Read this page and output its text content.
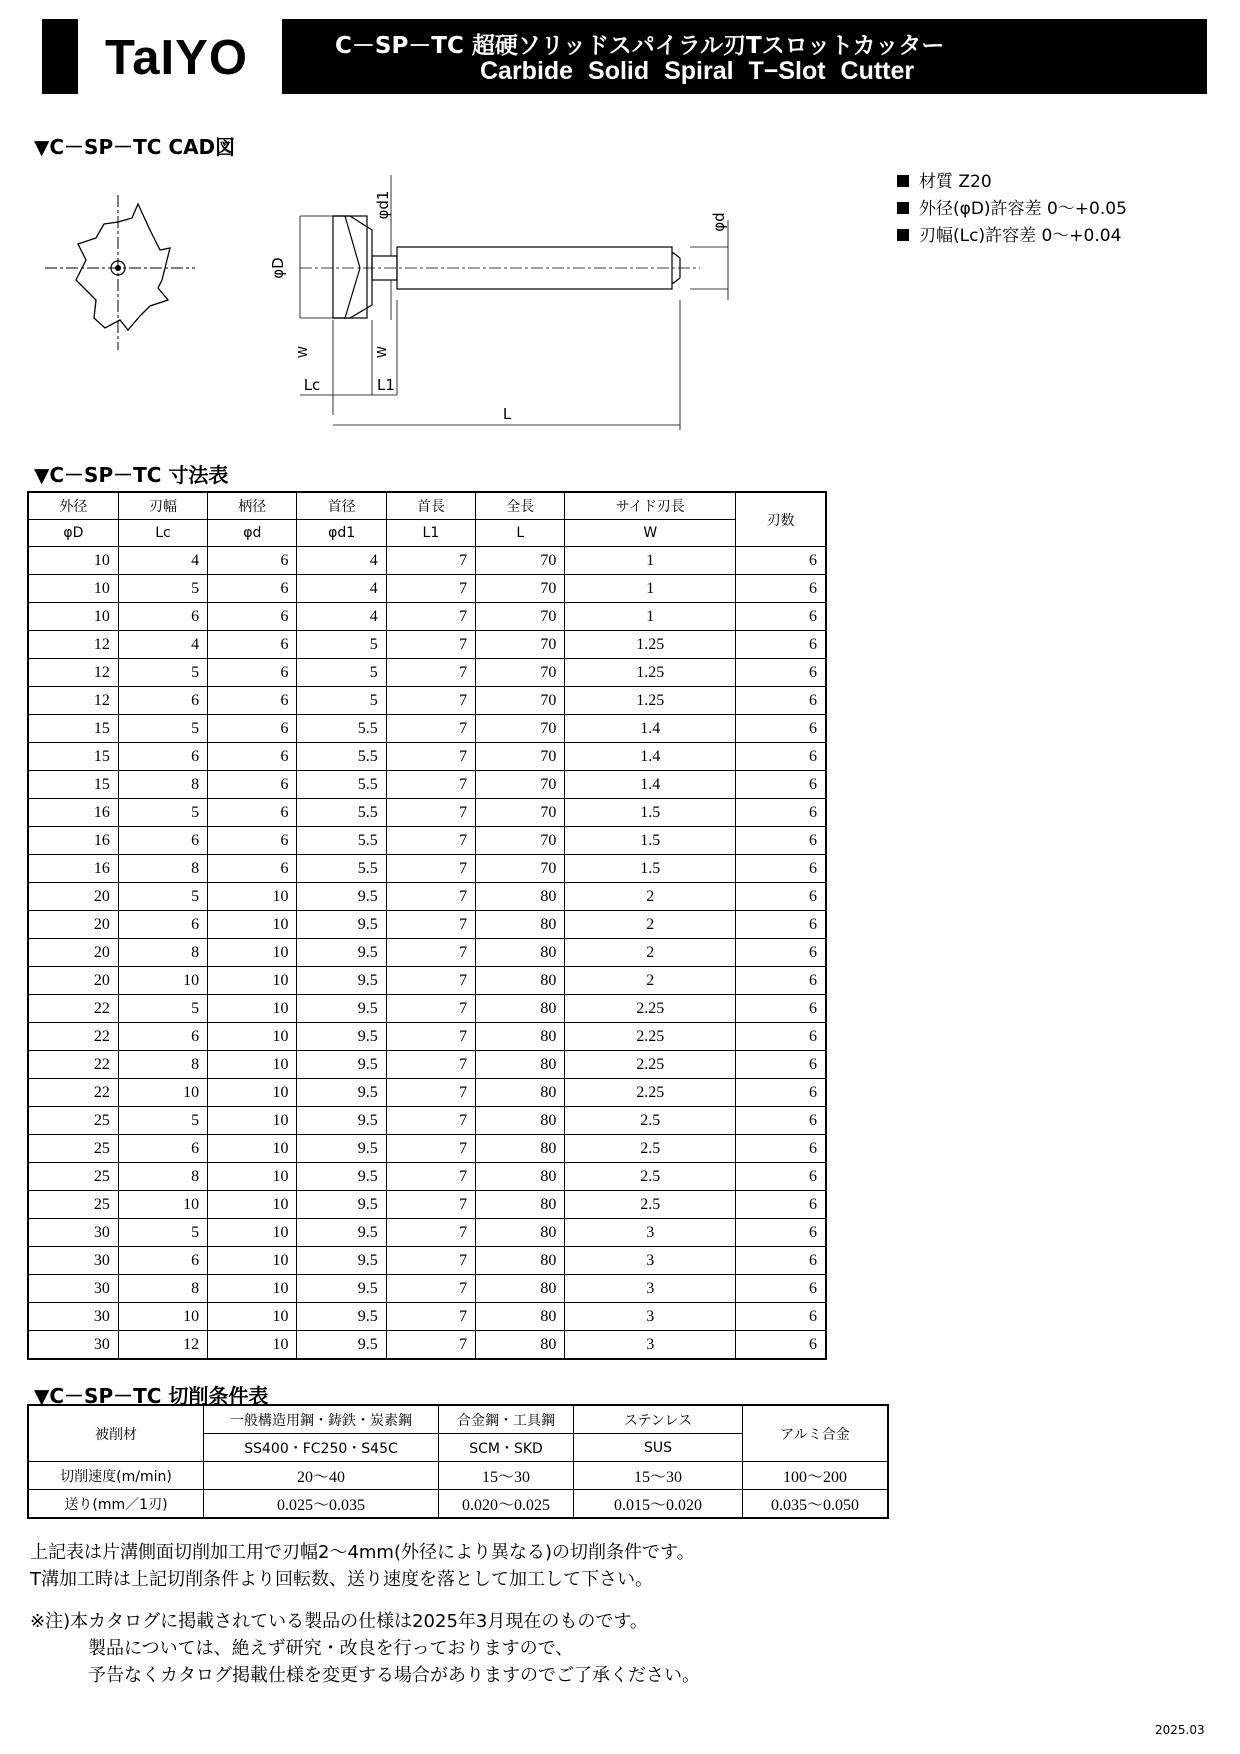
TaIYO	C－SP－TC 超硬ソリッドスパイラル刃Tスロットカッター
Carbide Solid Spiral T−Slot Cutter
▼C－SP－TC CAD図
φd1
φd
φD
W	W
Lc	L1
L
材質 Z20
外径(φD)許容差 0～+0.05
刃幅(Lc)許容差 0～+0.04
▼C－SP－TC 寸法表
外径	刃幅	柄径	首径	首長	全長	サイド刃長	刃数
φD	Lc	φd	φd1	L1	L	W	
10	4	6	4	7	70	1	6
10	5	6	4	7	70	1	6
10	6	6	4	7	70	1	6
12	4	6	5	7	70	1.25	6
12	5	6	5	7	70	1.25	6
12	6	6	5	7	70	1.25	6
15	5	6	5.5	7	70	1.4	6
15	6	6	5.5	7	70	1.4	6
15	8	6	5.5	7	70	1.4	6
16	5	6	5.5	7	70	1.5	6
16	6	6	5.5	7	70	1.5	6
16	8	6	5.5	7	70	1.5	6
20	5	10	9.5	7	80	2	6
20	6	10	9.5	7	80	2	6
20	8	10	9.5	7	80	2	6
20	10	10	9.5	7	80	2	6
22	5	10	9.5	7	80	2.25	6
22	6	10	9.5	7	80	2.25	6
22	8	10	9.5	7	80	2.25	6
22	10	10	9.5	7	80	2.25	6
25	5	10	9.5	7	80	2.5	6
25	6	10	9.5	7	80	2.5	6
25	8	10	9.5	7	80	2.5	6
25	10	10	9.5	7	80	2.5	6
30	5	10	9.5	7	80	3	6
30	6	10	9.5	7	80	3	6
30	8	10	9.5	7	80	3	6
30	10	10	9.5	7	80	3	6
30	12	10	9.5	7	80	3	6
▼C－SP－TC 切削条件表
被削材	一般構造用鋼・鋳鉄・炭素鋼	合金鋼・工具鋼	ステンレス	アルミ合金
	SS400・FC250・S45C	SCM・SKD	SUS	
切削速度(m/min)	20～40	15～30	15～30	100～200
送り(mm／1刃)	0.025～0.035	0.020～0.025	0.015～0.020	0.035～0.050
上記表は片溝側面切削加工用で刃幅2～4mm(外径により異なる)の切削条件です。
T溝加工時は上記切削条件より回転数、送り速度を落として加工して下さい。
※注)本カタログに掲載されている製品の仕様は2025年3月現在のものです。
製品については、絶えず研究・改良を行っておりますので、
予告なくカタログ掲載仕様を変更する場合がありますのでご了承ください。
2025.03
